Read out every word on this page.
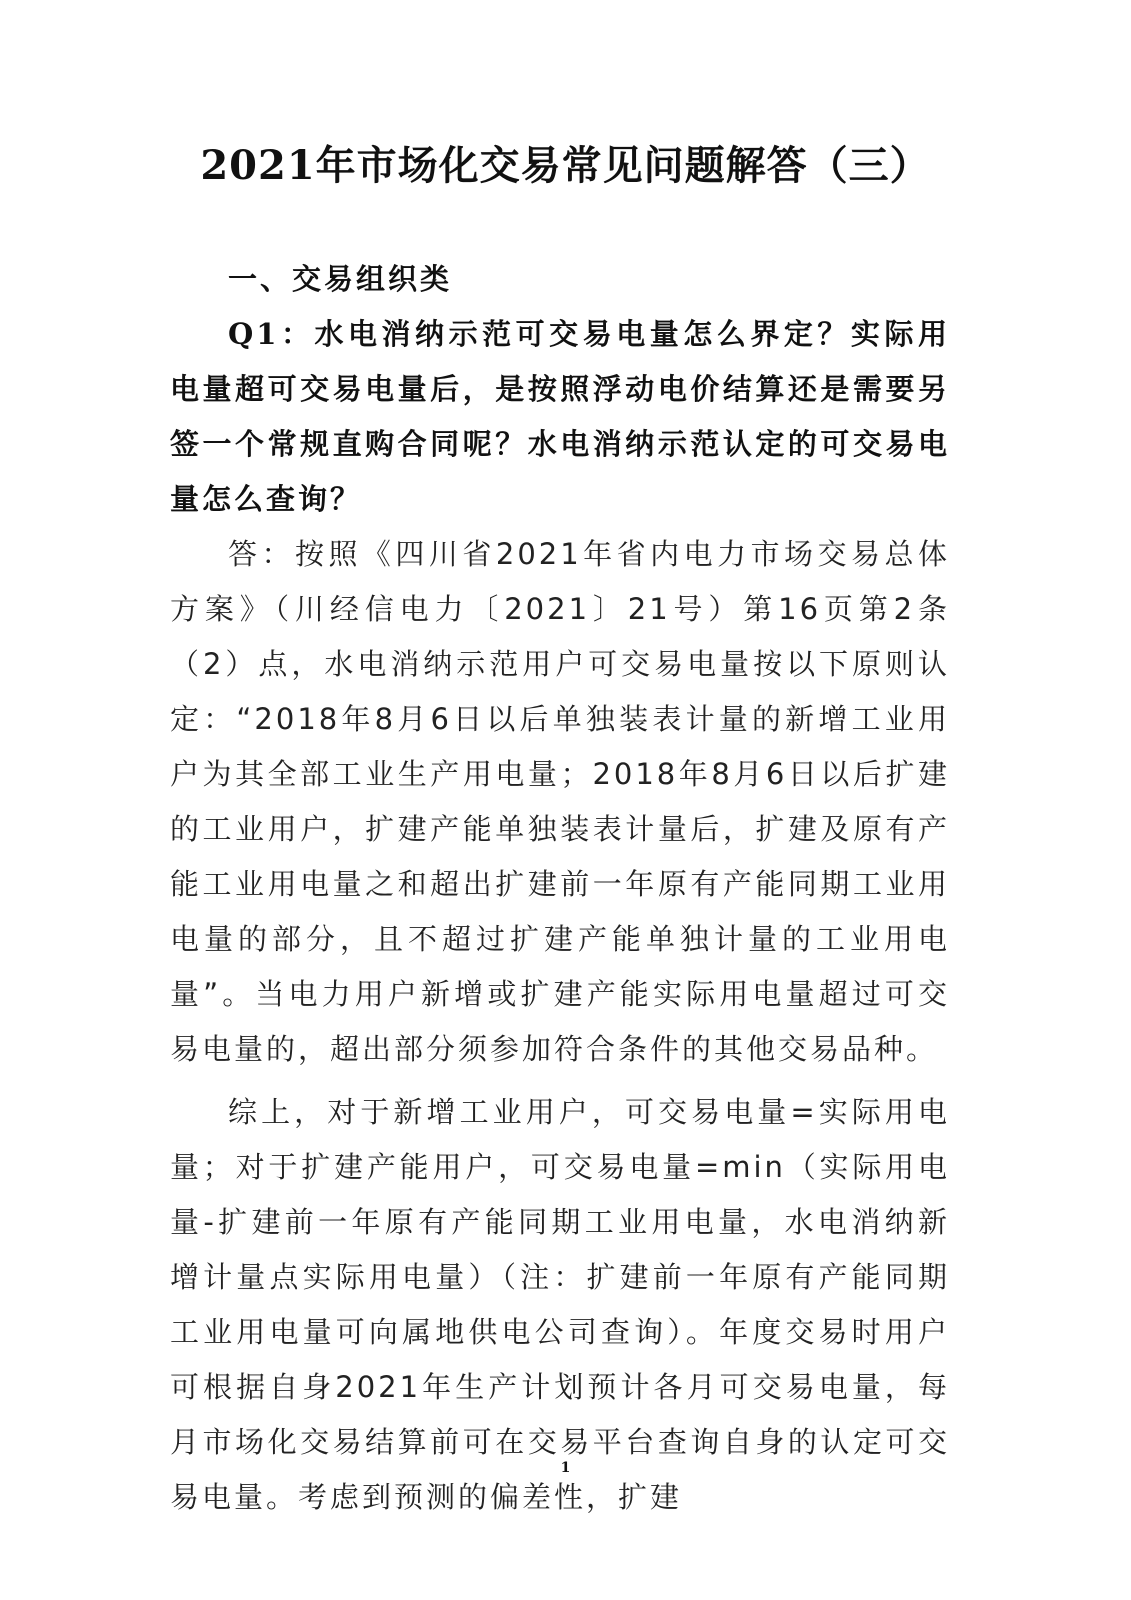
2021年市场化交易常见问题解答（三）

一、交易组织类

Q1：水电消纳示范可交易电量怎么界定？实际用电量超可交易电量后，是按照浮动电价结算还是需要另签一个常规直购合同呢？水电消纳示范认定的可交易电量怎么查询？

答：按照《四川省2021年省内电力市场交易总体方案》（川经信电力〔2021〕21号）第16页第2条（2）点，水电消纳示范用户可交易电量按以下原则认定：“2018年8月6日以后单独装表计量的新增工业用户为其全部工业生产用电量；2018年8月6日以后扩建的工业用户，扩建产能单独装表计量后，扩建及原有产能工业用电量之和超出扩建前一年原有产能同期工业用电量的部分，且不超过扩建产能单独计量的工业用电量”。当电力用户新增或扩建产能实际用电量超过可交易电量的，超出部分须参加符合条件的其他交易品种。

综上，对于新增工业用户，可交易电量=实际用电量；对于扩建产能用户，可交易电量=min（实际用电量-扩建前一年原有产能同期工业用电量，水电消纳新增计量点实际用电量）（注：扩建前一年原有产能同期工业用电量可向属地供电公司查询）。年度交易时用户可根据自身2021年生产计划预计各月可交易电量，每月市场化交易结算前可在交易平台查询自身的认定可交易电量。考虑到预测的偏差性，扩建

1
